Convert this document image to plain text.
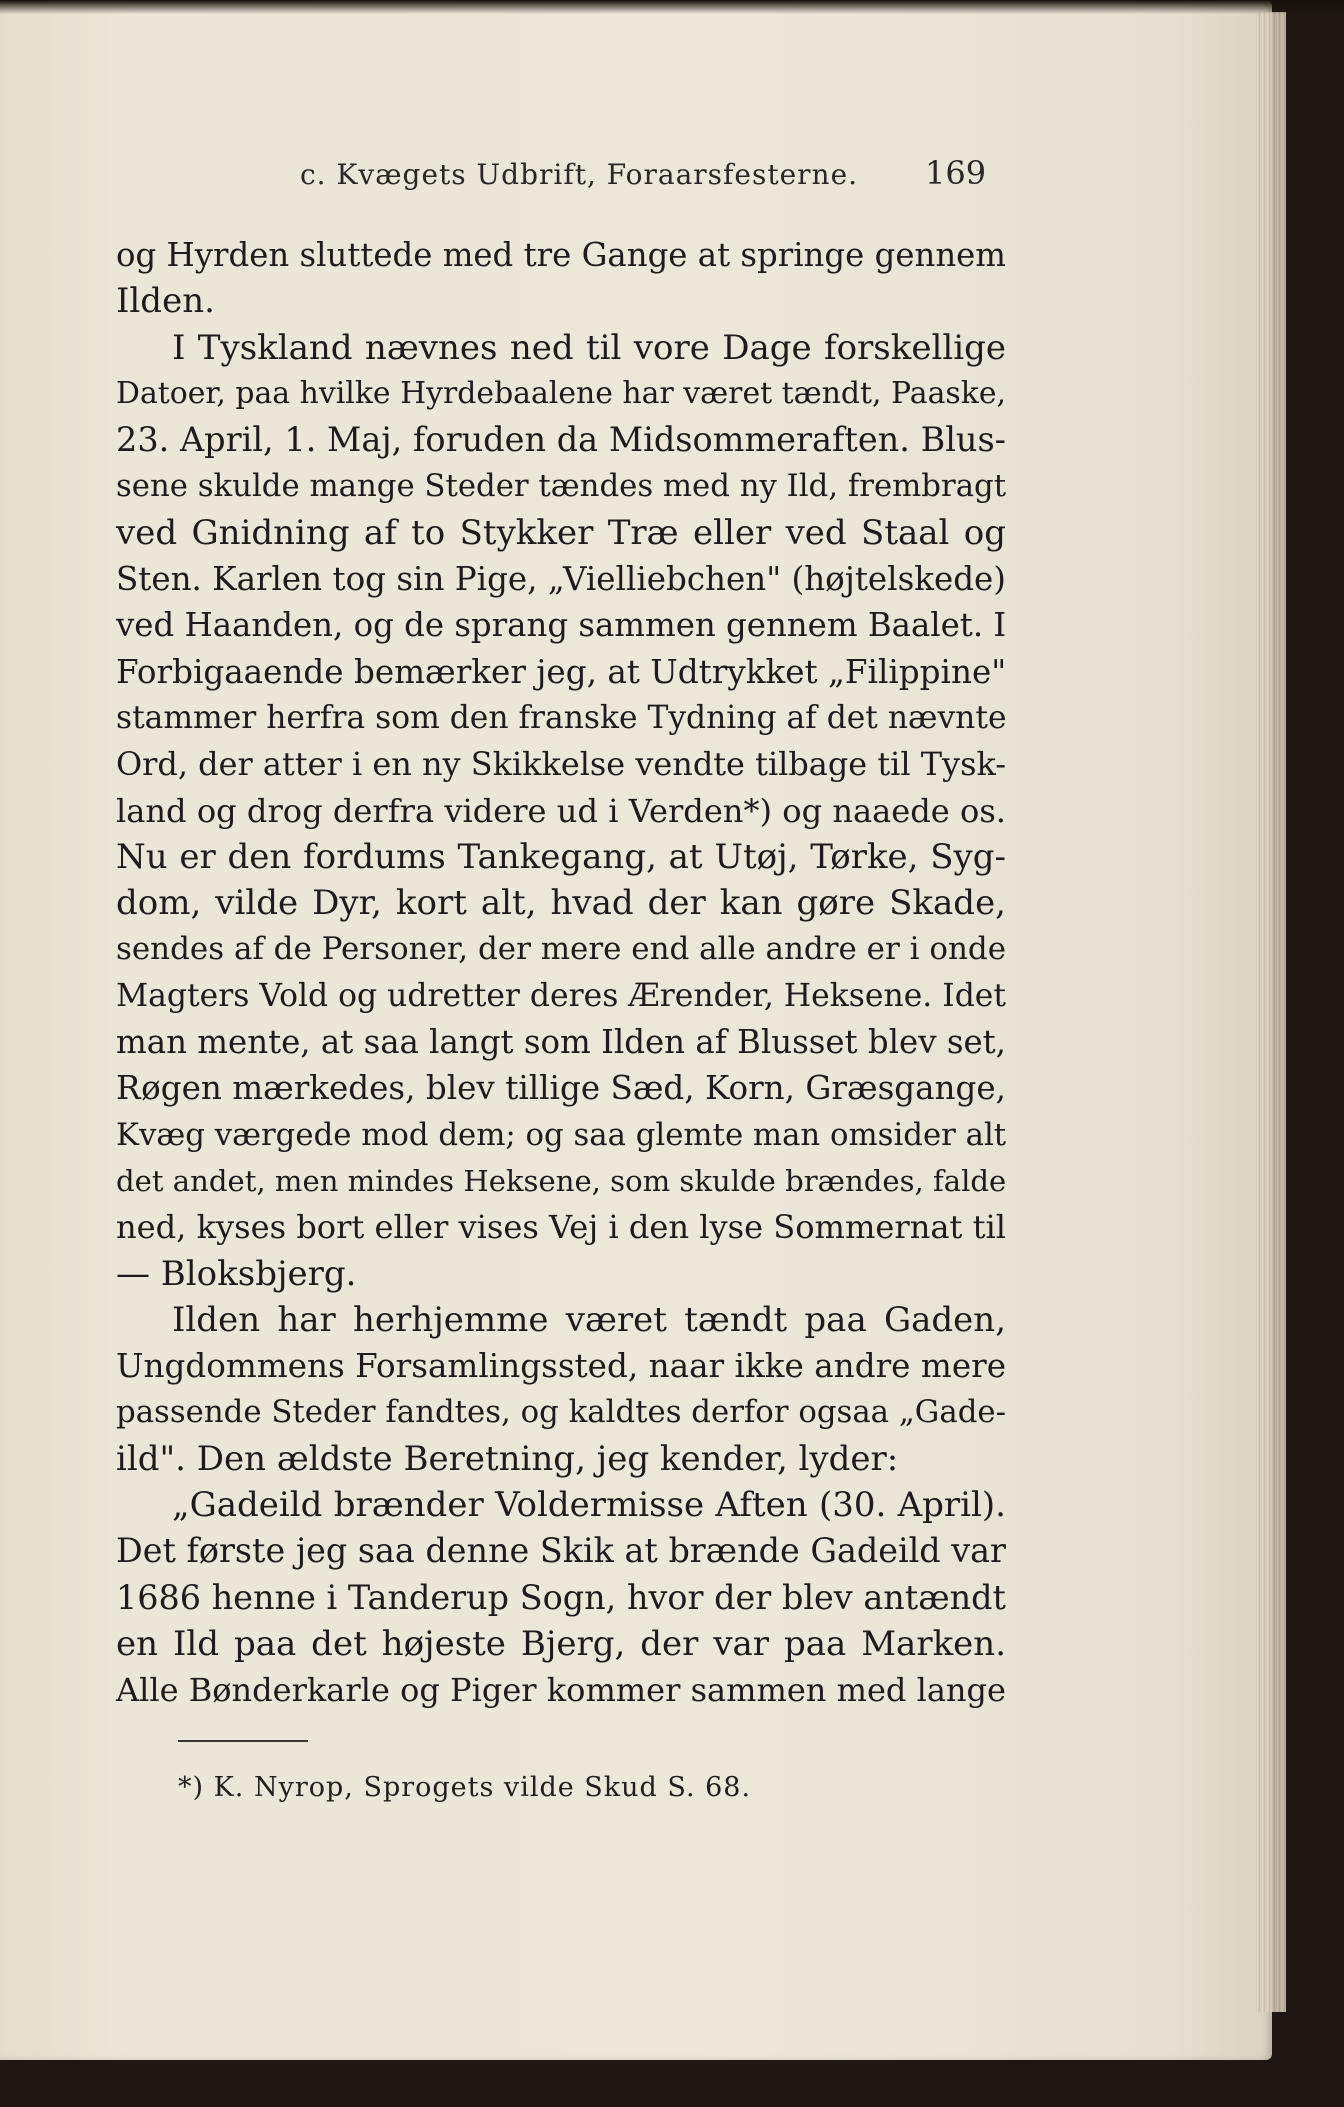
c. Kvægets Udbrift, Foraarsfesterne. 169
og Hyrden sluttede med tre Gange at springe gennem
Ilden.
I Tyskland nævnes ned til vore Dage forskellige
Datoer, paa hvilke Hyrdebaalene har været tændt, Paaske,
23. April, 1. Maj, foruden da Midsommeraften. Blus-
sene skulde mange Steder tændes med ny Ild, frembragt
ved Gnidning af to Stykker Træ eller ved Staal og
Sten. Karlen tog sin Pige, „Vielliebchen" (højtelskede)
ved Haanden, og de sprang sammen gennem Baalet. I
Forbigaaende bemærker jeg, at Udtrykket „Filippine"
stammer herfra som den franske Tydning af det nævnte
Ord, der atter i en ny Skikkelse vendte tilbage til Tysk-
land og drog derfra videre ud i Verden*) og naaede os.
Nu er den fordums Tankegang, at Utøj, Tørke, Syg-
dom, vilde Dyr, kort alt, hvad der kan gøre Skade,
sendes af de Personer, der mere end alle andre er i onde
Magters Vold og udretter deres Ærender, Heksene. Idet
man mente, at saa langt som Ilden af Blusset blev set,
Røgen mærkedes, blev tillige Sæd, Korn, Græsgange,
Kvæg værgede mod dem; og saa glemte man omsider alt
det andet, men mindes Heksene, som skulde brændes, falde
ned, kyses bort eller vises Vej i den lyse Sommernat til
— Bloksbjerg.
Ilden har herhjemme været tændt paa Gaden,
Ungdommens Forsamlingssted, naar ikke andre mere
passende Steder fandtes, og kaldtes derfor ogsaa „Gade-
ild". Den ældste Beretning, jeg kender, lyder:
„Gadeild brænder Voldermisse Aften (30. April).
Det første jeg saa denne Skik at brænde Gadeild var
1686 henne i Tanderup Sogn, hvor der blev antændt
en Ild paa det højeste Bjerg, der var paa Marken.
Alle Bønderkarle og Piger kommer sammen med lange
*) K. Nyrop, Sprogets vilde Skud S. 68.
